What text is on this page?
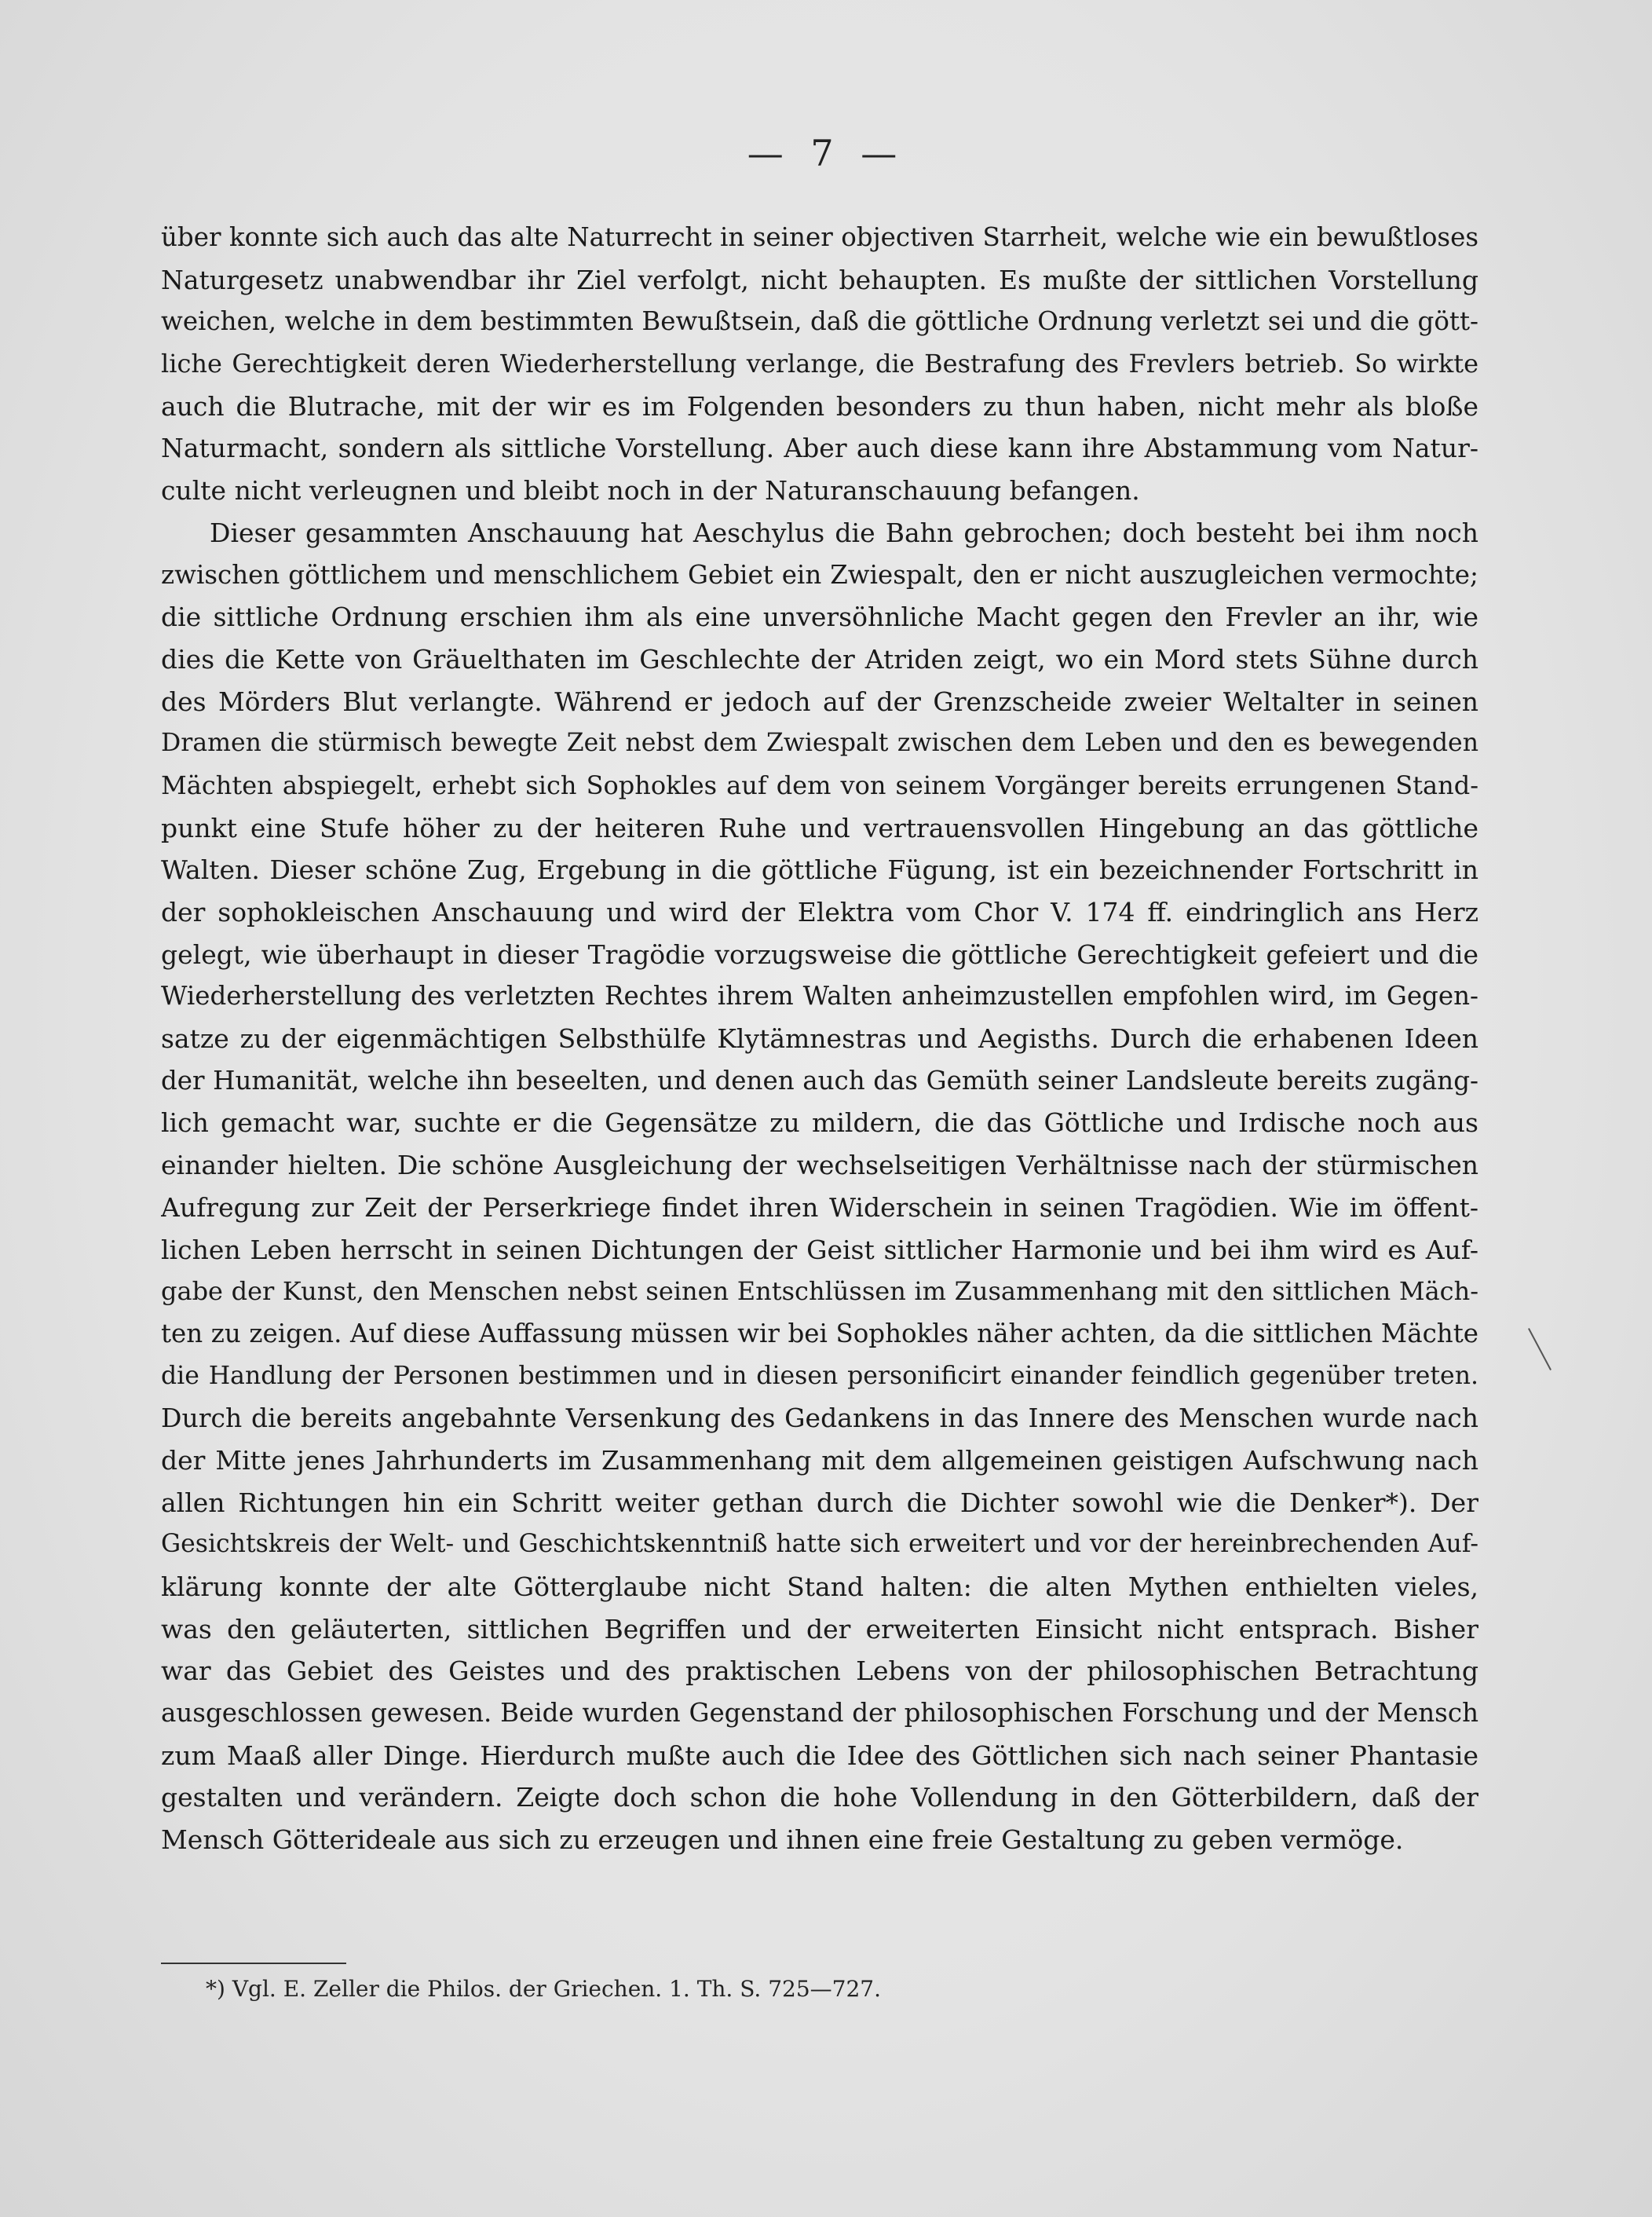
— 7 —
über konnte sich auch das alte Naturrecht in seiner objectiven Starrheit, welche wie ein bewußtloses
Naturgesetz unabwendbar ihr Ziel verfolgt, nicht behaupten. Es mußte der sittlichen Vorstellung
weichen, welche in dem bestimmten Bewußtsein, daß die göttliche Ordnung verletzt sei und die gött-
liche Gerechtigkeit deren Wiederherstellung verlange, die Bestrafung des Frevlers betrieb. So wirkte
auch die Blutrache, mit der wir es im Folgenden besonders zu thun haben, nicht mehr als bloße
Naturmacht, sondern als sittliche Vorstellung. Aber auch diese kann ihre Abstammung vom Natur-
culte nicht verleugnen und bleibt noch in der Naturanschauung befangen.
Dieser gesammten Anschauung hat Aeschylus die Bahn gebrochen; doch besteht bei ihm noch
zwischen göttlichem und menschlichem Gebiet ein Zwiespalt, den er nicht auszugleichen vermochte;
die sittliche Ordnung erschien ihm als eine unversöhnliche Macht gegen den Frevler an ihr, wie
dies die Kette von Gräuelthaten im Geschlechte der Atriden zeigt, wo ein Mord stets Sühne durch
des Mörders Blut verlangte. Während er jedoch auf der Grenzscheide zweier Weltalter in seinen
Dramen die stürmisch bewegte Zeit nebst dem Zwiespalt zwischen dem Leben und den es bewegenden
Mächten abspiegelt, erhebt sich Sophokles auf dem von seinem Vorgänger bereits errungenen Stand-
punkt eine Stufe höher zu der heiteren Ruhe und vertrauensvollen Hingebung an das göttliche
Walten. Dieser schöne Zug, Ergebung in die göttliche Fügung, ist ein bezeichnender Fortschritt in
der sophokleischen Anschauung und wird der Elektra vom Chor V. 174 ff. eindringlich ans Herz
gelegt, wie überhaupt in dieser Tragödie vorzugsweise die göttliche Gerechtigkeit gefeiert und die
Wiederherstellung des verletzten Rechtes ihrem Walten anheimzustellen empfohlen wird, im Gegen-
satze zu der eigenmächtigen Selbsthülfe Klytämnestras und Aegisths. Durch die erhabenen Ideen
der Humanität, welche ihn beseelten, und denen auch das Gemüth seiner Landsleute bereits zugäng-
lich gemacht war, suchte er die Gegensätze zu mildern, die das Göttliche und Irdische noch aus
einander hielten. Die schöne Ausgleichung der wechselseitigen Verhältnisse nach der stürmischen
Aufregung zur Zeit der Perserkriege findet ihren Widerschein in seinen Tragödien. Wie im öffent-
lichen Leben herrscht in seinen Dichtungen der Geist sittlicher Harmonie und bei ihm wird es Auf-
gabe der Kunst, den Menschen nebst seinen Entschlüssen im Zusammenhang mit den sittlichen Mäch-
ten zu zeigen. Auf diese Auffassung müssen wir bei Sophokles näher achten, da die sittlichen Mächte
die Handlung der Personen bestimmen und in diesen personificirt einander feindlich gegenüber treten.
Durch die bereits angebahnte Versenkung des Gedankens in das Innere des Menschen wurde nach
der Mitte jenes Jahrhunderts im Zusammenhang mit dem allgemeinen geistigen Aufschwung nach
allen Richtungen hin ein Schritt weiter gethan durch die Dichter sowohl wie die Denker*). Der
Gesichtskreis der Welt- und Geschichtskenntniß hatte sich erweitert und vor der hereinbrechenden Auf-
klärung konnte der alte Götterglaube nicht Stand halten: die alten Mythen enthielten vieles,
was den geläuterten, sittlichen Begriffen und der erweiterten Einsicht nicht entsprach. Bisher
war das Gebiet des Geistes und des praktischen Lebens von der philosophischen Betrachtung
ausgeschlossen gewesen. Beide wurden Gegenstand der philosophischen Forschung und der Mensch
zum Maaß aller Dinge. Hierdurch mußte auch die Idee des Göttlichen sich nach seiner Phantasie
gestalten und verändern. Zeigte doch schon die hohe Vollendung in den Götterbildern, daß der
Mensch Götterideale aus sich zu erzeugen und ihnen eine freie Gestaltung zu geben vermöge.
*) Vgl. E. Zeller die Philos. der Griechen. 1. Th. S. 725—727.
